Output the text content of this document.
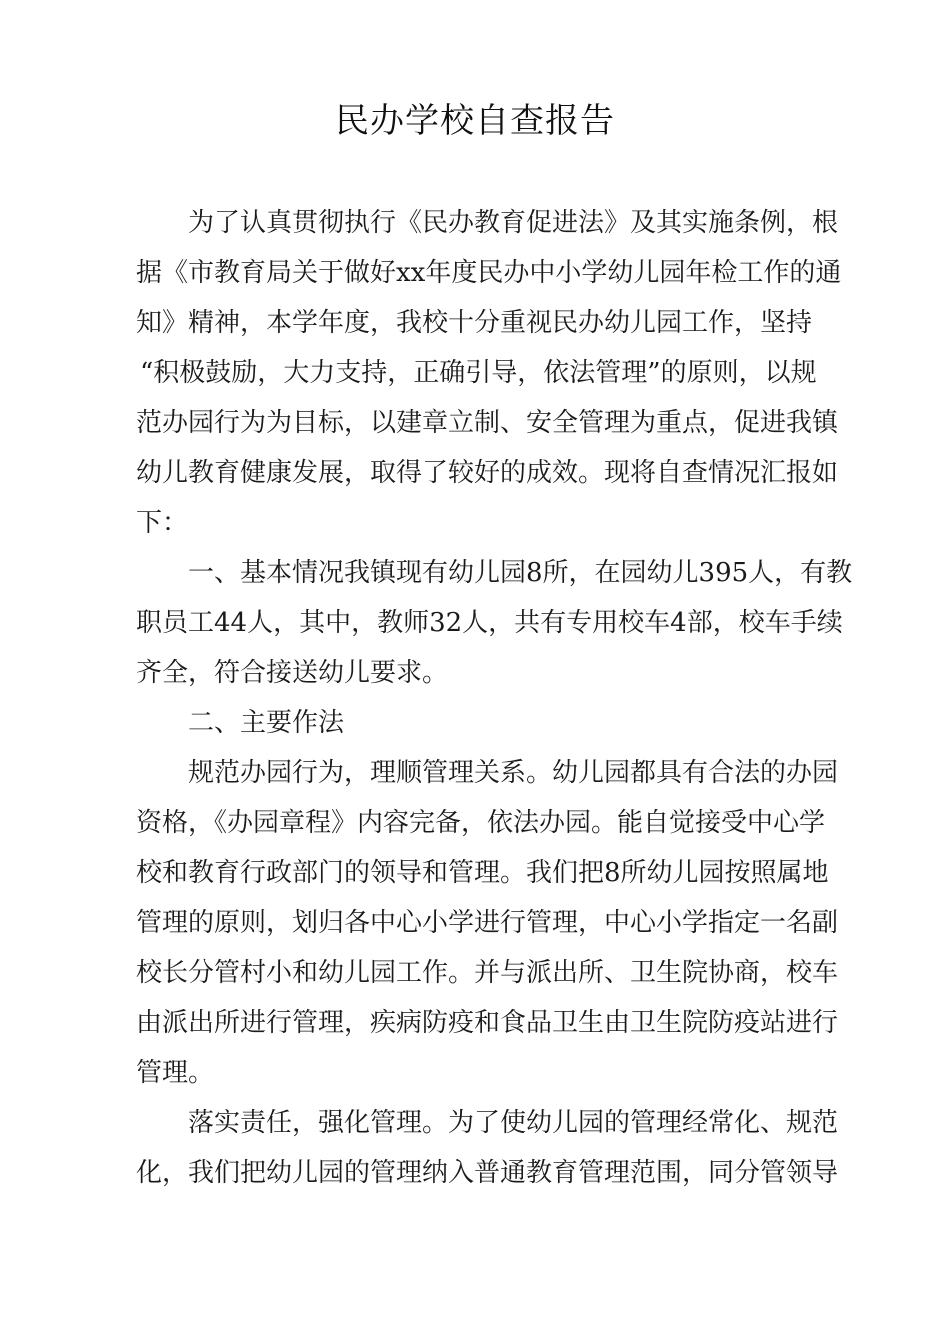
民办学校自查报告
为了认真贯彻执行《民办教育促进法》及其实施条例，根
据《市教育局关于做好xx年度民办中小学幼儿园年检工作的通
知》精神，本学年度，我校十分重视民办幼儿园工作，坚持
“积极鼓励，大力支持，正确引导，依法管理”的原则，以规
范办园行为为目标，以建章立制、安全管理为重点，促进我镇
幼儿教育健康发展，取得了较好的成效。现将自查情况汇报如
下：
一、基本情况我镇现有幼儿园8所，在园幼儿395人，有教
职员工44人，其中，教师32人，共有专用校车4部，校车手续
齐全，符合接送幼儿要求。
二、主要作法
规范办园行为，理顺管理关系。幼儿园都具有合法的办园
资格，《办园章程》内容完备，依法办园。能自觉接受中心学
校和教育行政部门的领导和管理。我们把8所幼儿园按照属地
管理的原则，划归各中心小学进行管理，中心小学指定一名副
校长分管村小和幼儿园工作。并与派出所、卫生院协商，校车
由派出所进行管理，疾病防疫和食品卫生由卫生院防疫站进行
管理。
落实责任，强化管理。为了使幼儿园的管理经常化、规范
化，我们把幼儿园的管理纳入普通教育管理范围，同分管领导
